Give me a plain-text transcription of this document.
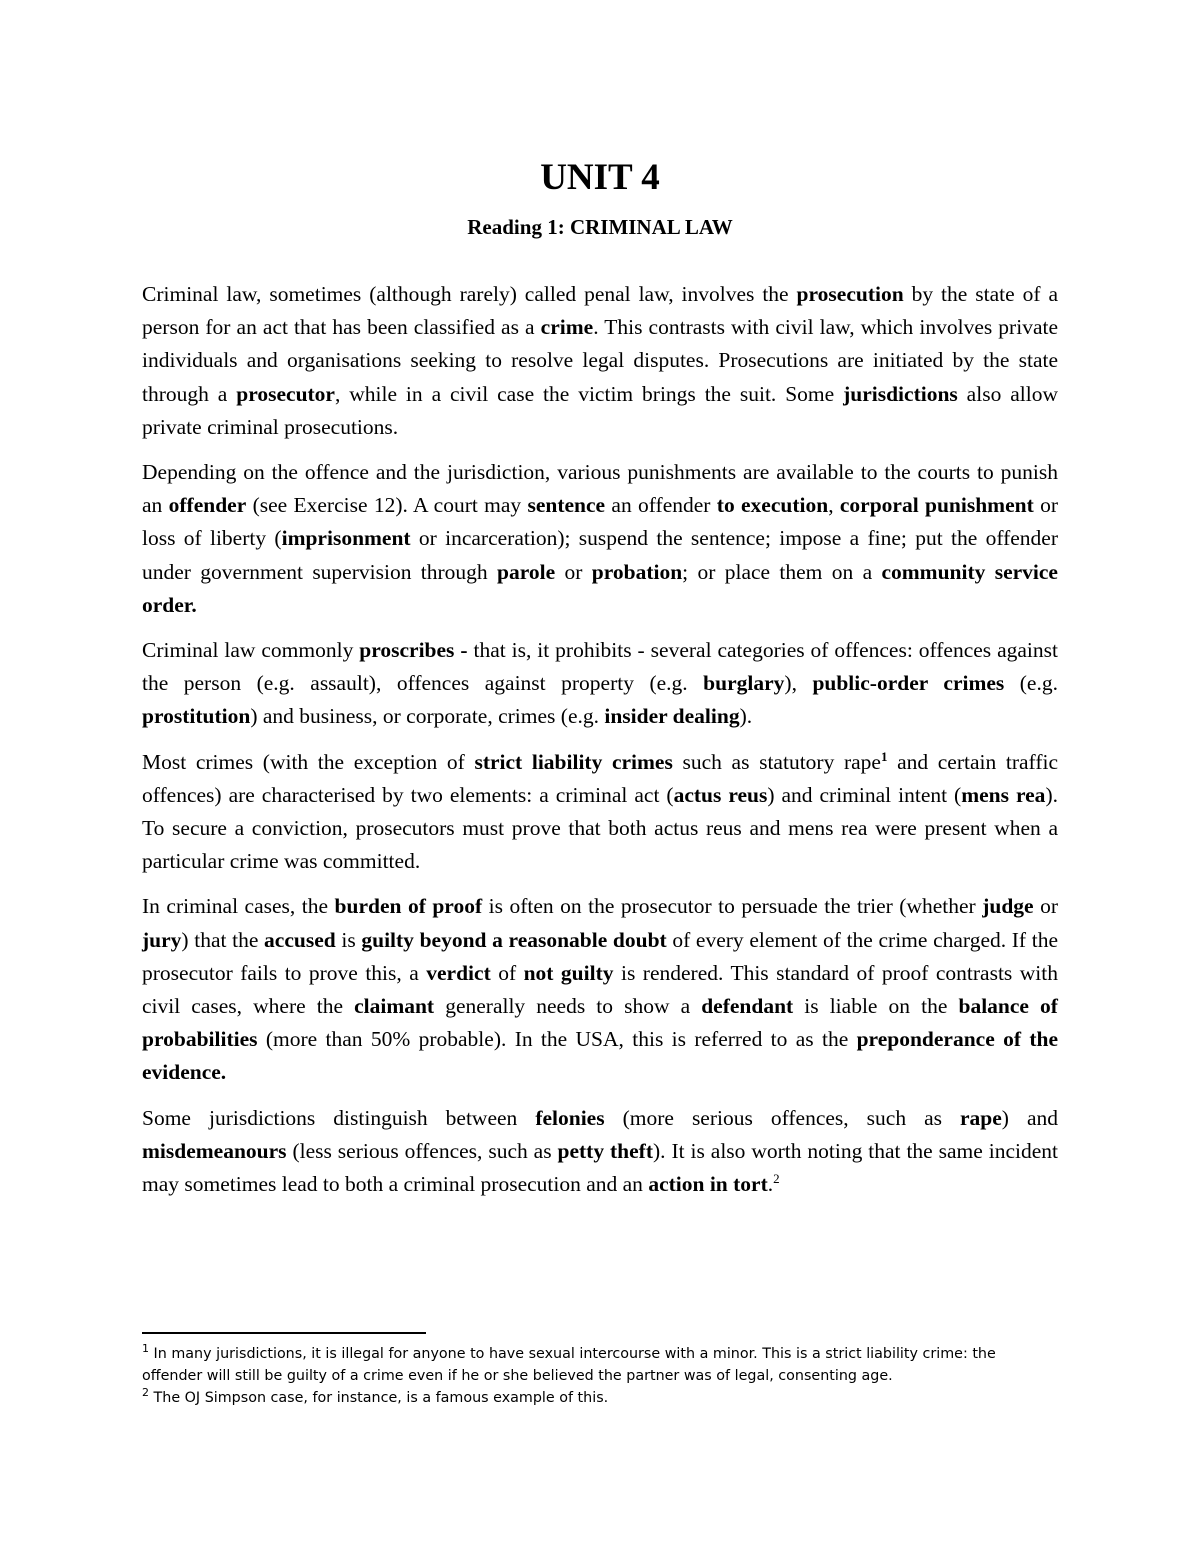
UNIT 4
Reading 1: CRIMINAL LAW

Criminal law, sometimes (although rarely) called penal law, involves the prosecution by the state of a person for an act that has been classified as a crime. This contrasts with civil law, which involves private individuals and organisations seeking to resolve legal disputes. Prosecutions are initiated by the state through a prosecutor, while in a civil case the victim brings the suit. Some jurisdictions also allow private criminal prosecutions.

Depending on the offence and the jurisdiction, various punishments are available to the courts to punish an offender (see Exercise 12). A court may sentence an offender to execution, corporal punishment or loss of liberty (imprisonment or incarceration); suspend the sentence; impose a fine; put the offender under government supervision through parole or probation; or place them on a community service order.

Criminal law commonly proscribes - that is, it prohibits - several categories of offences: offences against the person (e.g. assault), offences against property (e.g. burglary), public-order crimes (e.g. prostitution) and business, or corporate, crimes (e.g. insider dealing).

Most crimes (with the exception of strict liability crimes such as statutory rape$^1$ and certain traffic offences) are characterised by two elements: a criminal act (actus reus) and criminal intent (mens rea). To secure a conviction, prosecutors must prove that both actus reus and mens rea were present when a particular crime was committed.

In criminal cases, the burden of proof is often on the prosecutor to persuade the trier (whether judge or jury) that the accused is guilty beyond a reasonable doubt of every element of the crime charged. If the prosecutor fails to prove this, a verdict of not guilty is rendered. This standard of proof contrasts with civil cases, where the claimant generally needs to show a defendant is liable on the balance of probabilities (more than 50% probable). In the USA, this is referred to as the preponderance of the evidence.

Some jurisdictions distinguish between felonies (more serious offences, such as rape) and misdemeanours (less serious offences, such as petty theft). It is also worth noting that the same incident may sometimes lead to both a criminal prosecution and an action in tort.$^2$

$^1$ In many jurisdictions, it is illegal for anyone to have sexual intercourse with a minor. This is a strict liability crime: the offender will still be guilty of a crime even if he or she believed the partner was of legal, consenting age.

$^2$ The OJ Simpson case, for instance, is a famous example of this.
